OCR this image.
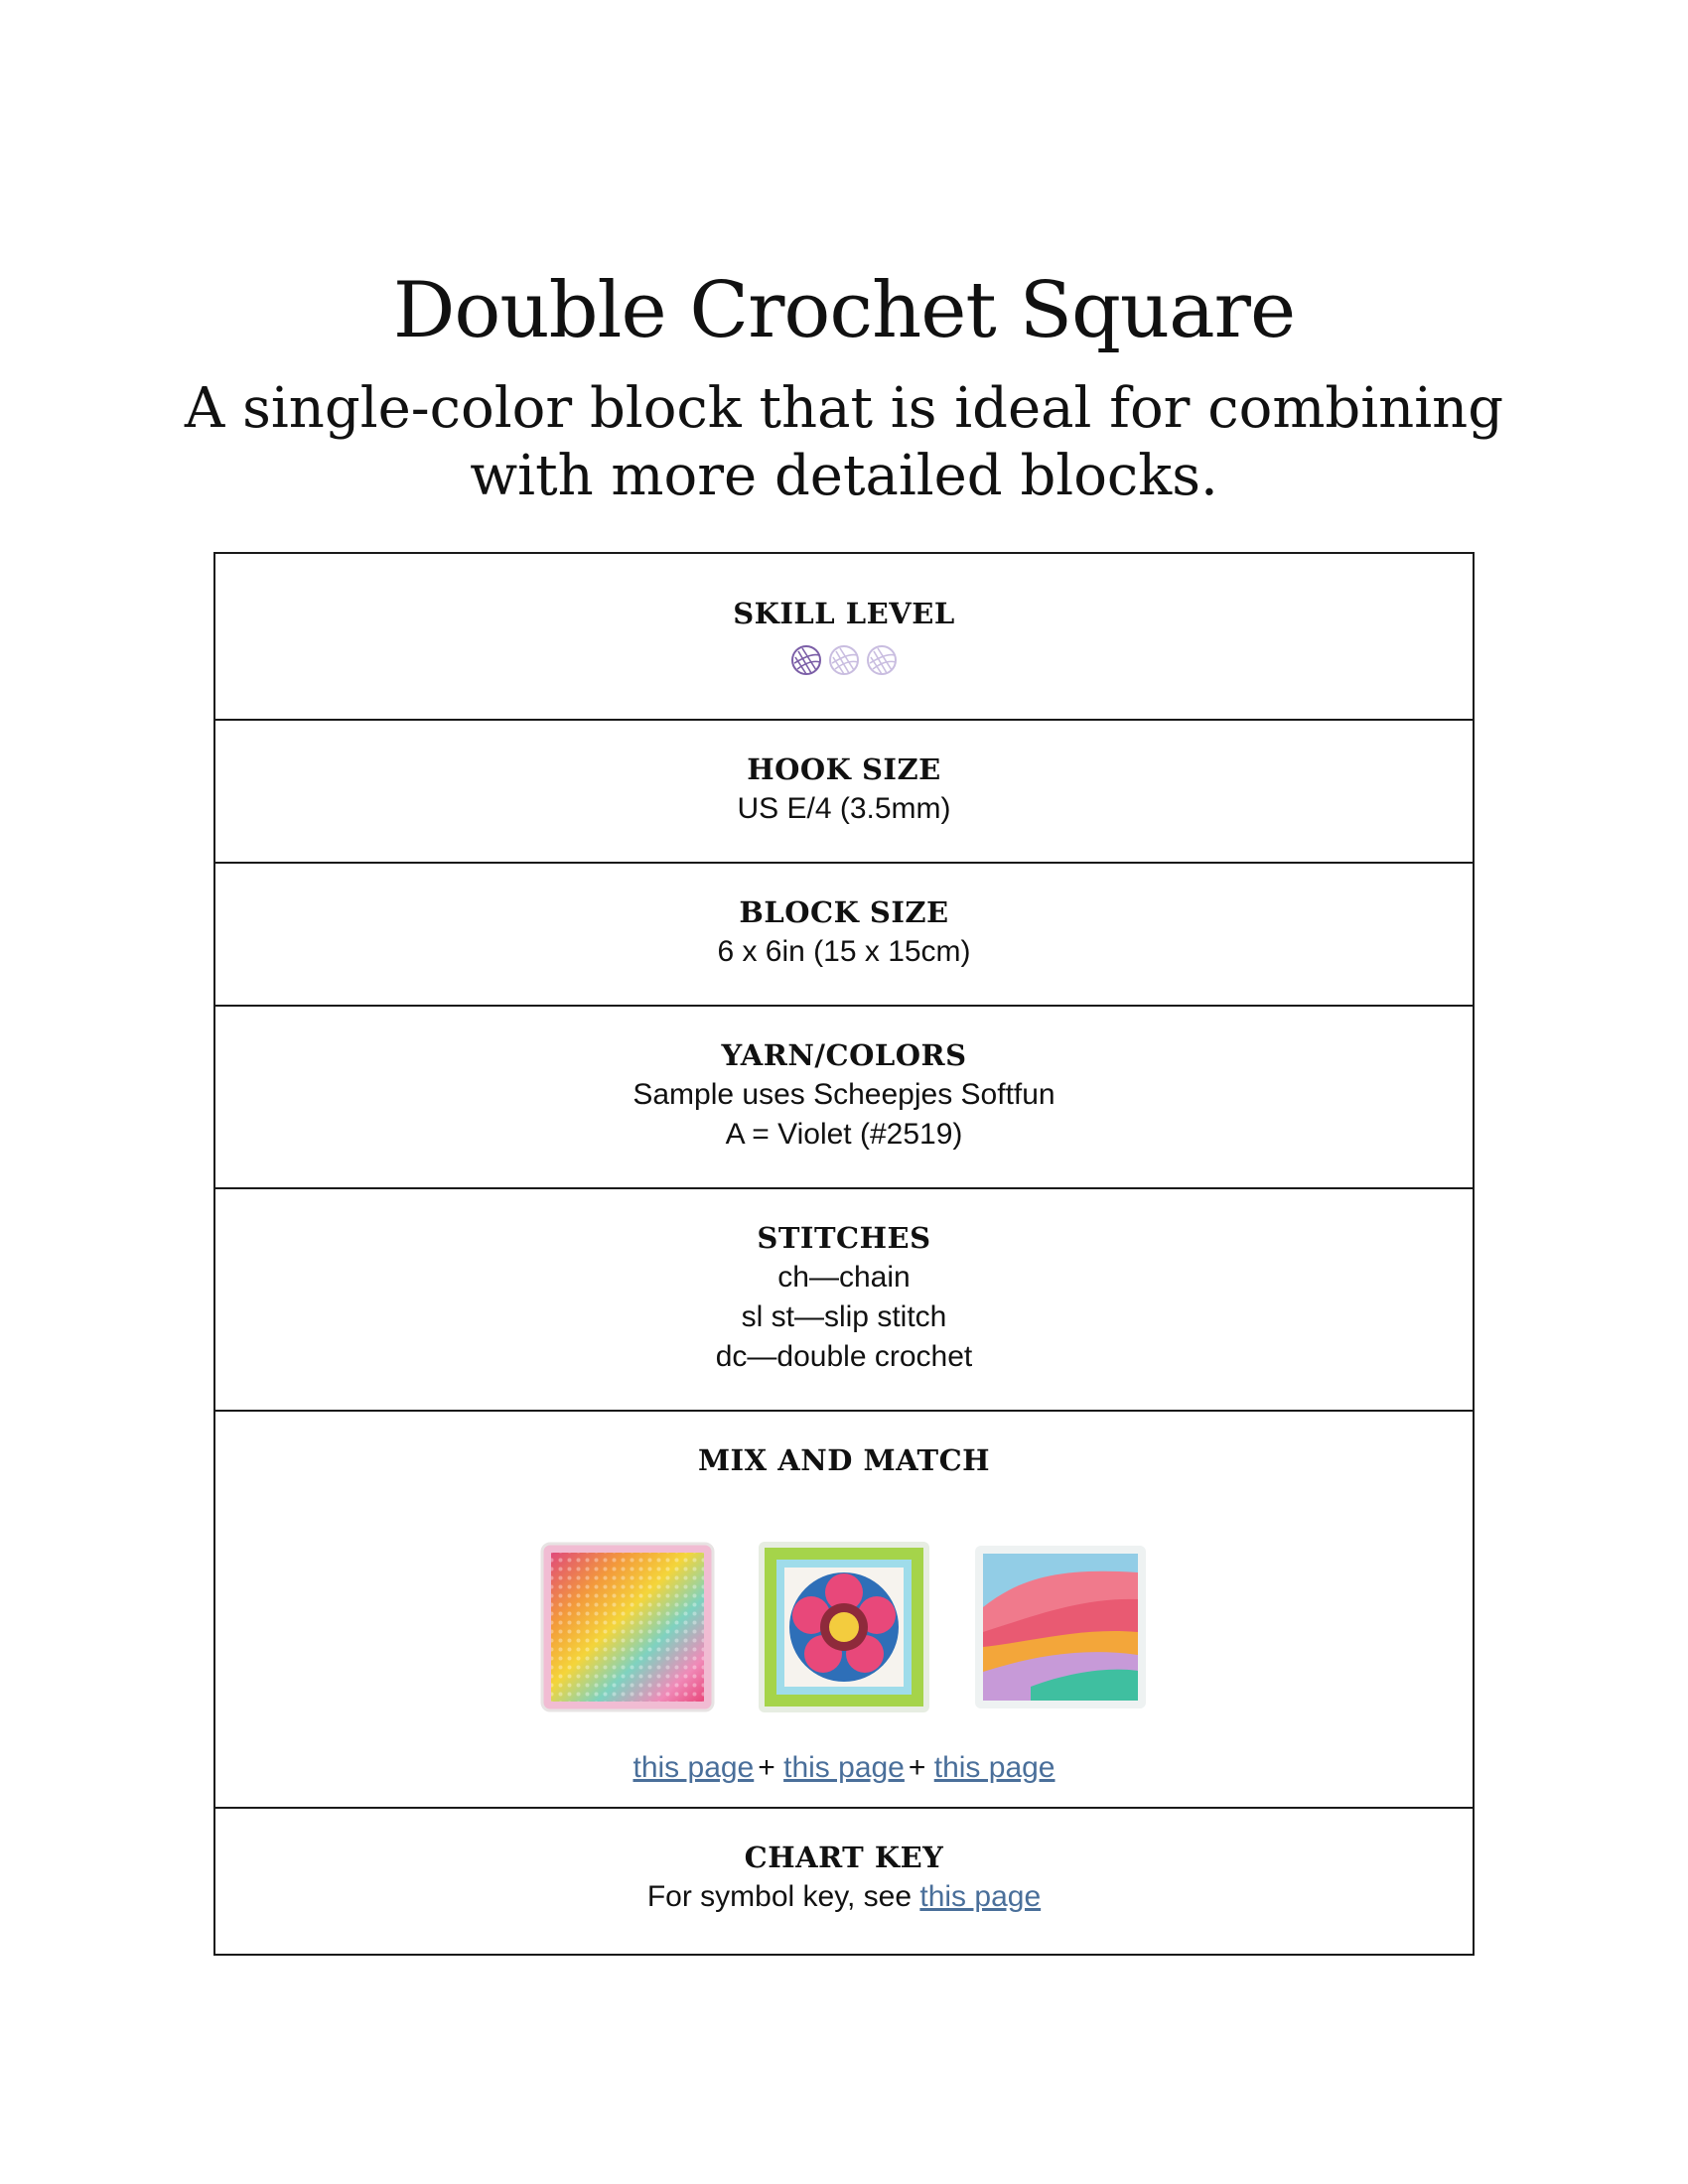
Double Crochet Square
A single-color block that is ideal for combining with more detailed blocks.
SKILL LEVEL
HOOK SIZE
US E/4 (3.5mm)
BLOCK SIZE
6 x 6in (15 x 15cm)
YARN/COLORS
Sample uses Scheepjes Softfun
A = Violet (#2519)
STITCHES
ch—chain
sl st—slip stitch
dc—double crochet
MIX AND MATCH
this page + this page + this page
CHART KEY
For symbol key, see this page
